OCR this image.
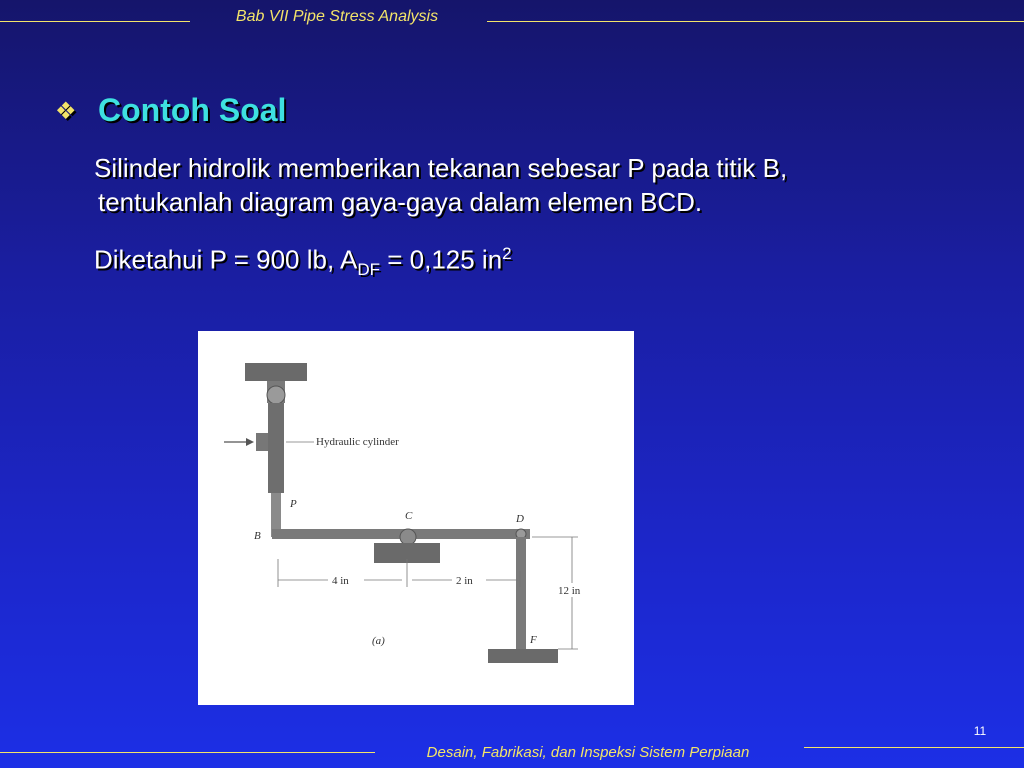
Bab VII Pipe Stress Analysis
❖ Contoh Soal
Silinder hidrolik memberikan tekanan sebesar P pada titik B,
tentukanlah diagram gaya-gaya dalam elemen BCD.
Diketahui P = 900 lb, $A_{DF} = 0,125$ $in^2$
Hydraulic cylinder
P
B
C	D
F
4 in	2 in
12 in
(a)
11
Desain, Fabrikasi, dan Inspeksi Sistem Perpiaan
